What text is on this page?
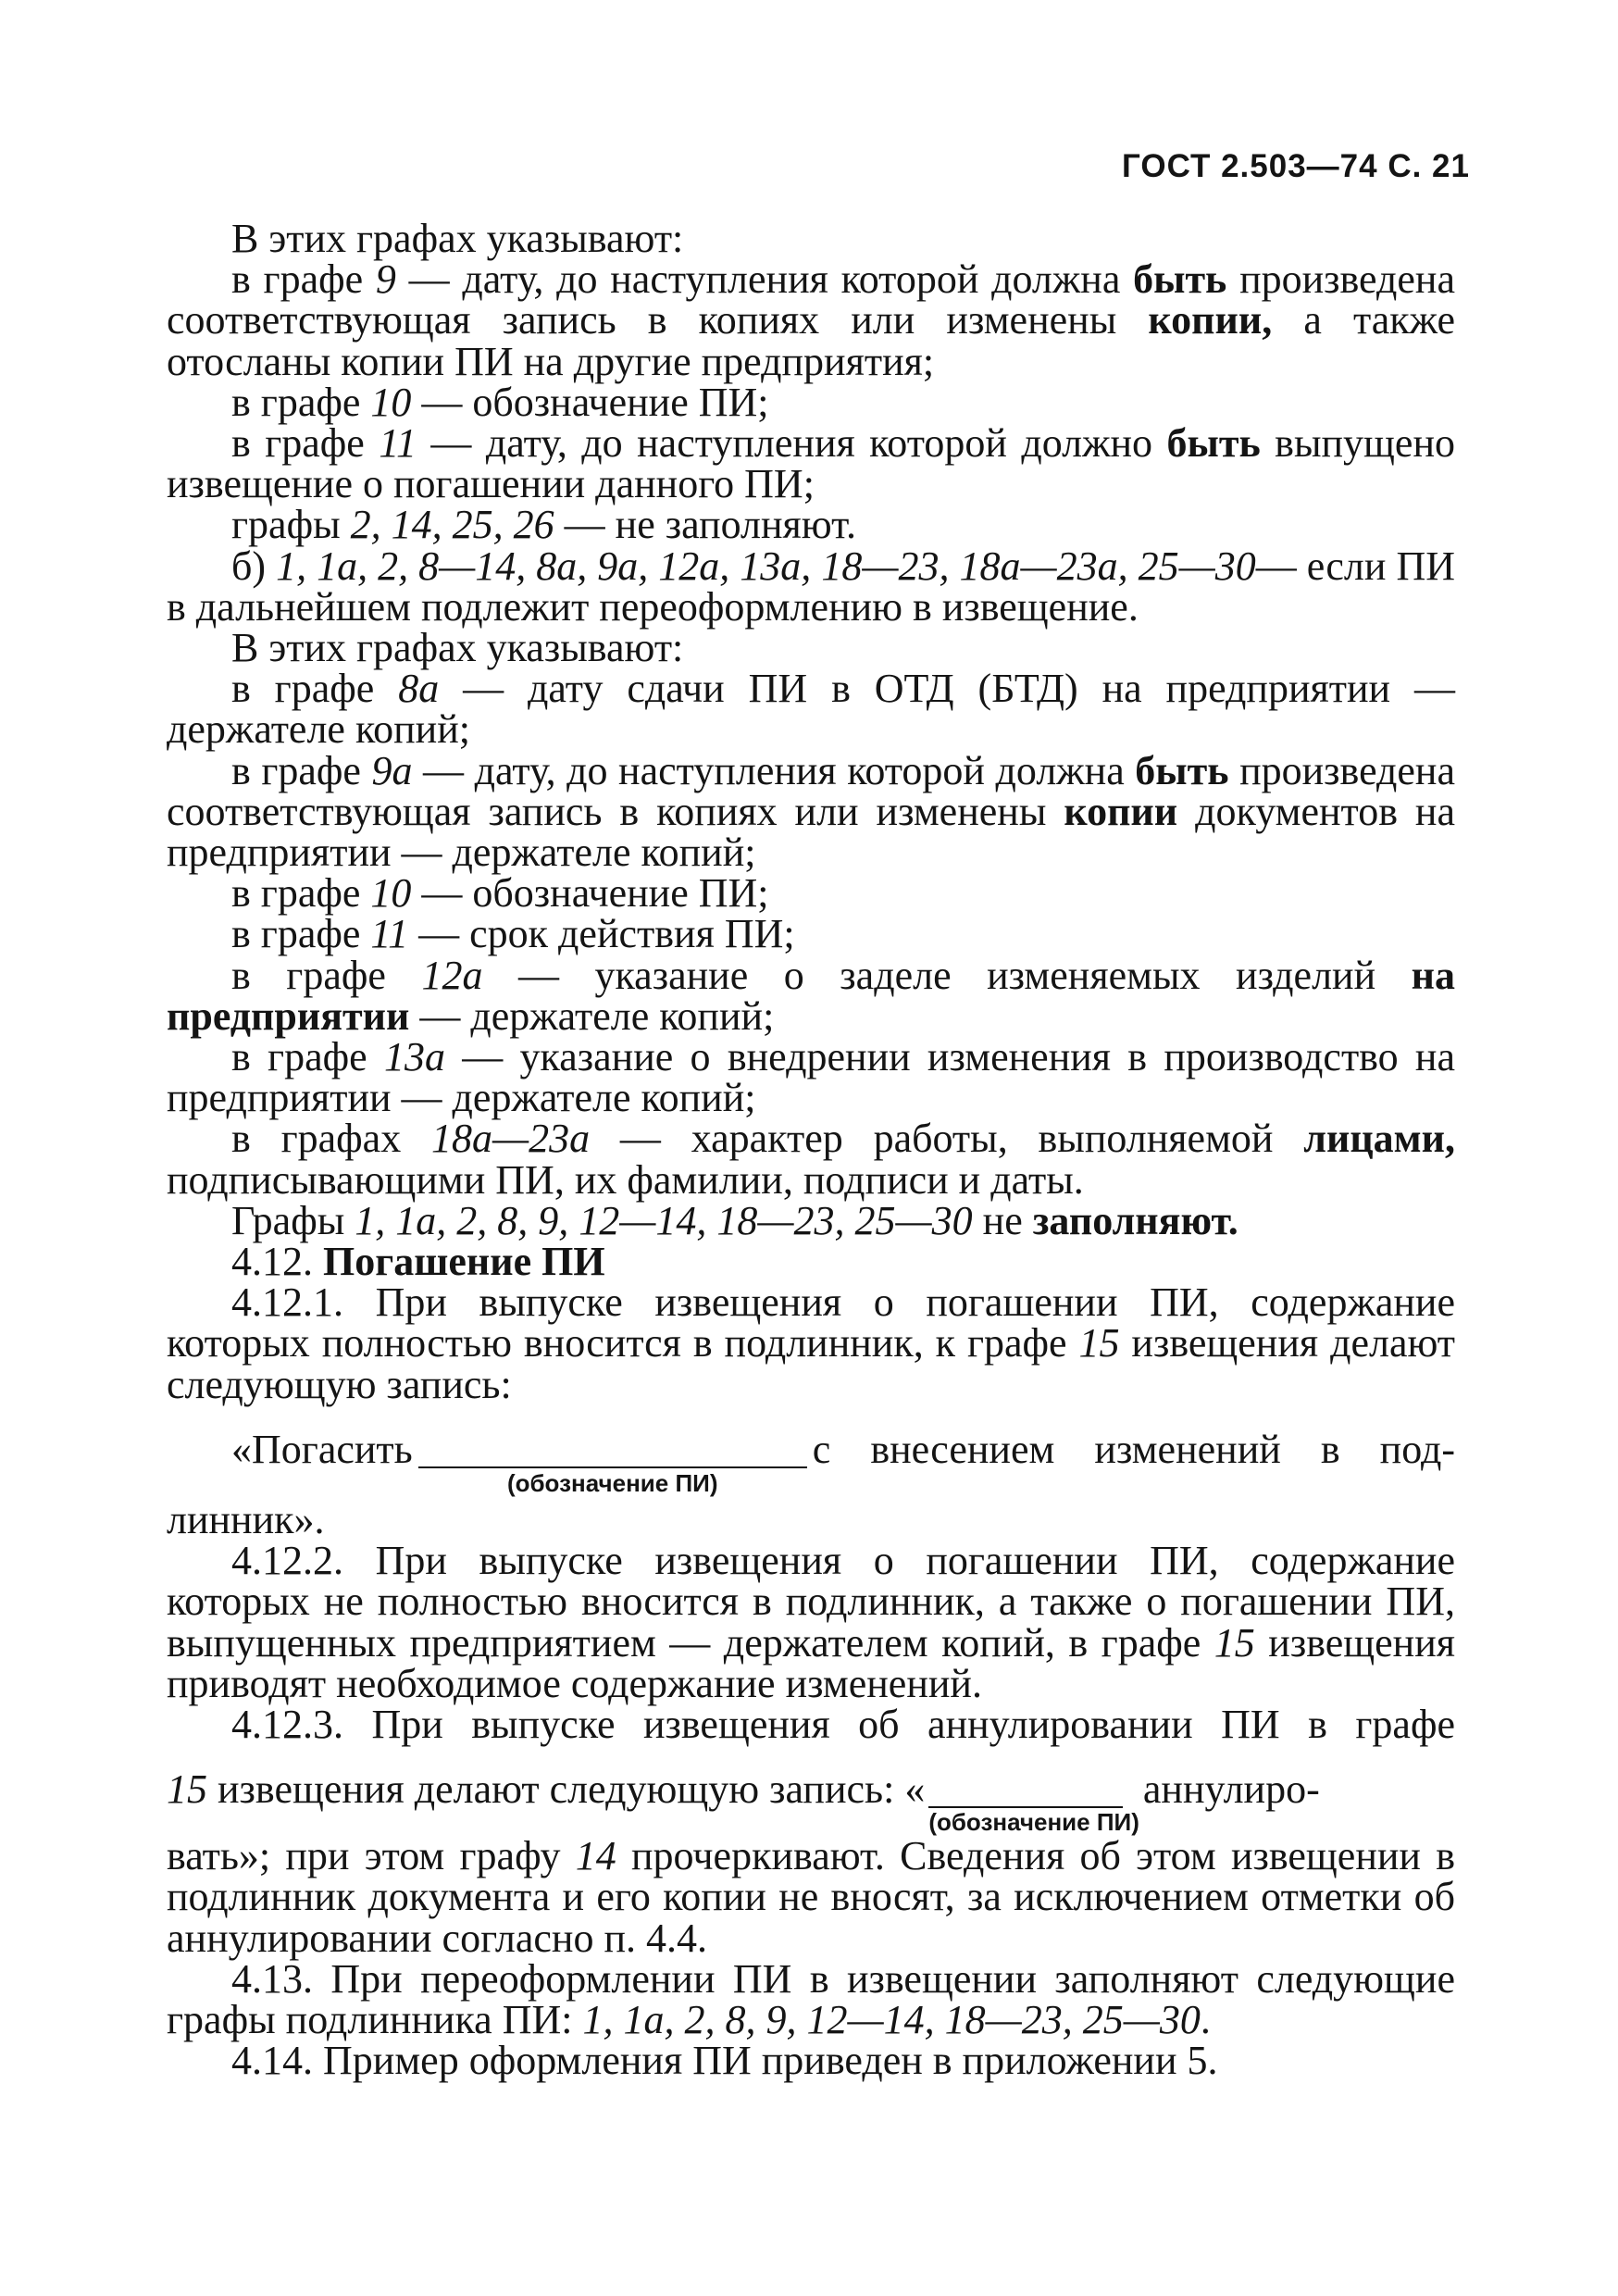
ГОСТ 2.503—74 С. 21

В этих графах указывают:

в графе 9 — дату, до наступления которой должна быть произведена соответствующая запись в копиях или изменены копии, а также отосланы копии ПИ на другие предприятия;

в графе 10 — обозначение ПИ;

в графе 11 — дату, до наступления которой должно быть выпущено извещение о погашении данного ПИ;

графы 2, 14, 25, 26 — не заполняют.

б) 1, 1а, 2, 8—14, 8а, 9а, 12а, 13а, 18—23, 18а—23а, 25—30— если ПИ в дальнейшем подлежит переоформлению в извещение.

В этих графах указывают:

в графе 8а — дату сдачи ПИ в ОТД (БТД) на предприятии — держателе копий;

в графе 9а — дату, до наступления которой должна быть произведена соответствующая запись в копиях или изменены копии документов на предприятии — держателе копий;

в графе 10 — обозначение ПИ;

в графе 11 — срок действия ПИ;

в графе 12а — указание о заделе изменяемых изделий на предприятии — держателе копий;

в графе 13а — указание о внедрении изменения в производство на предприятии — держателе копий;

в графах 18а—23а — характер работы, выполняемой лицами, подписывающими ПИ, их фамилии, подписи и даты.

Графы 1, 1а, 2, 8, 9, 12—14, 18—23, 25—30 не заполняют.

4.12. Погашение ПИ

4.12.1. При выпуске извещения о погашении ПИ, содержание которых полностью вносится в подлинник, к графе 15 извещения делают следующую запись:

«Погасить
(обозначение ПИ)
с внесением изменений в под-

линник».

4.12.2. При выпуске извещения о погашении ПИ, содержание которых не полностью вносится в подлинник, а также о погашении ПИ, выпущенных предприятием — держателем копий, в графе 15 извещения приводят необходимое содержание изменений.

4.12.3. При выпуске извещения об аннулировании ПИ в графе

15 извещения делают следующую запись: «
(обозначение ПИ)
аннулиро-
вать»; при этом графу 14 прочеркивают. Сведения об этом извещении в подлинник документа и его копии не вносят, за исключением отметки об аннулировании согласно п. 4.4.

4.13. При переоформлении ПИ в извещении заполняют следующие графы подлинника ПИ: 1, 1а, 2, 8, 9, 12—14, 18—23, 25—30.

4.14. Пример оформления ПИ приведен в приложении 5.
